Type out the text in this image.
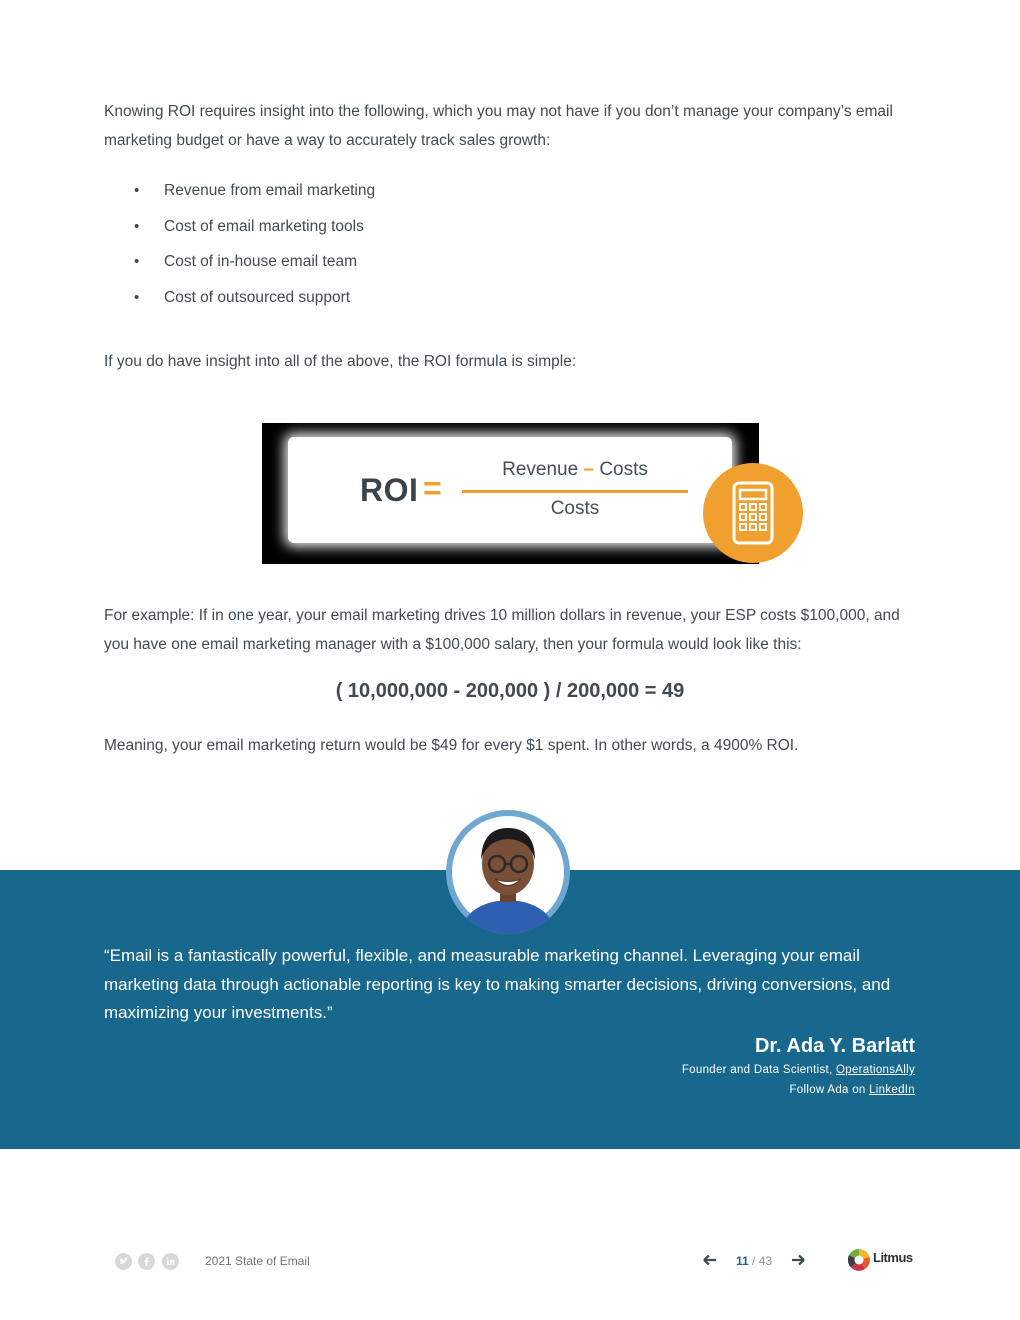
Knowing ROI requires insight into the following, which you may not have if you don’t manage your company’s email marketing budget or have a way to accurately track sales growth:

• Revenue from email marketing
• Cost of email marketing tools
• Cost of in-house email team
• Cost of outsourced support

If you do have insight into all of the above, the ROI formula is simple:

ROI =
Revenue – Costs
Costs

For example: If in one year, your email marketing drives 10 million dollars in revenue, your ESP costs $100,000, and you have one email marketing manager with a $100,000 salary, then your formula would look like this:

( 10,000,000 - 200,000 ) / 200,000 = 49

Meaning, your email marketing return would be $49 for every $1 spent. In other words, a 4900% ROI.

“Email is a fantastically powerful, flexible, and measurable marketing channel. Leveraging your email marketing data through actionable reporting is key to making smarter decisions, driving conversions, and maximizing your investments.”

Dr. Ada Y. Barlatt
Founder and Data Scientist, OperationsAlly
Follow Ada on LinkedIn
2021 State of Email	11 / 43	Litmus
